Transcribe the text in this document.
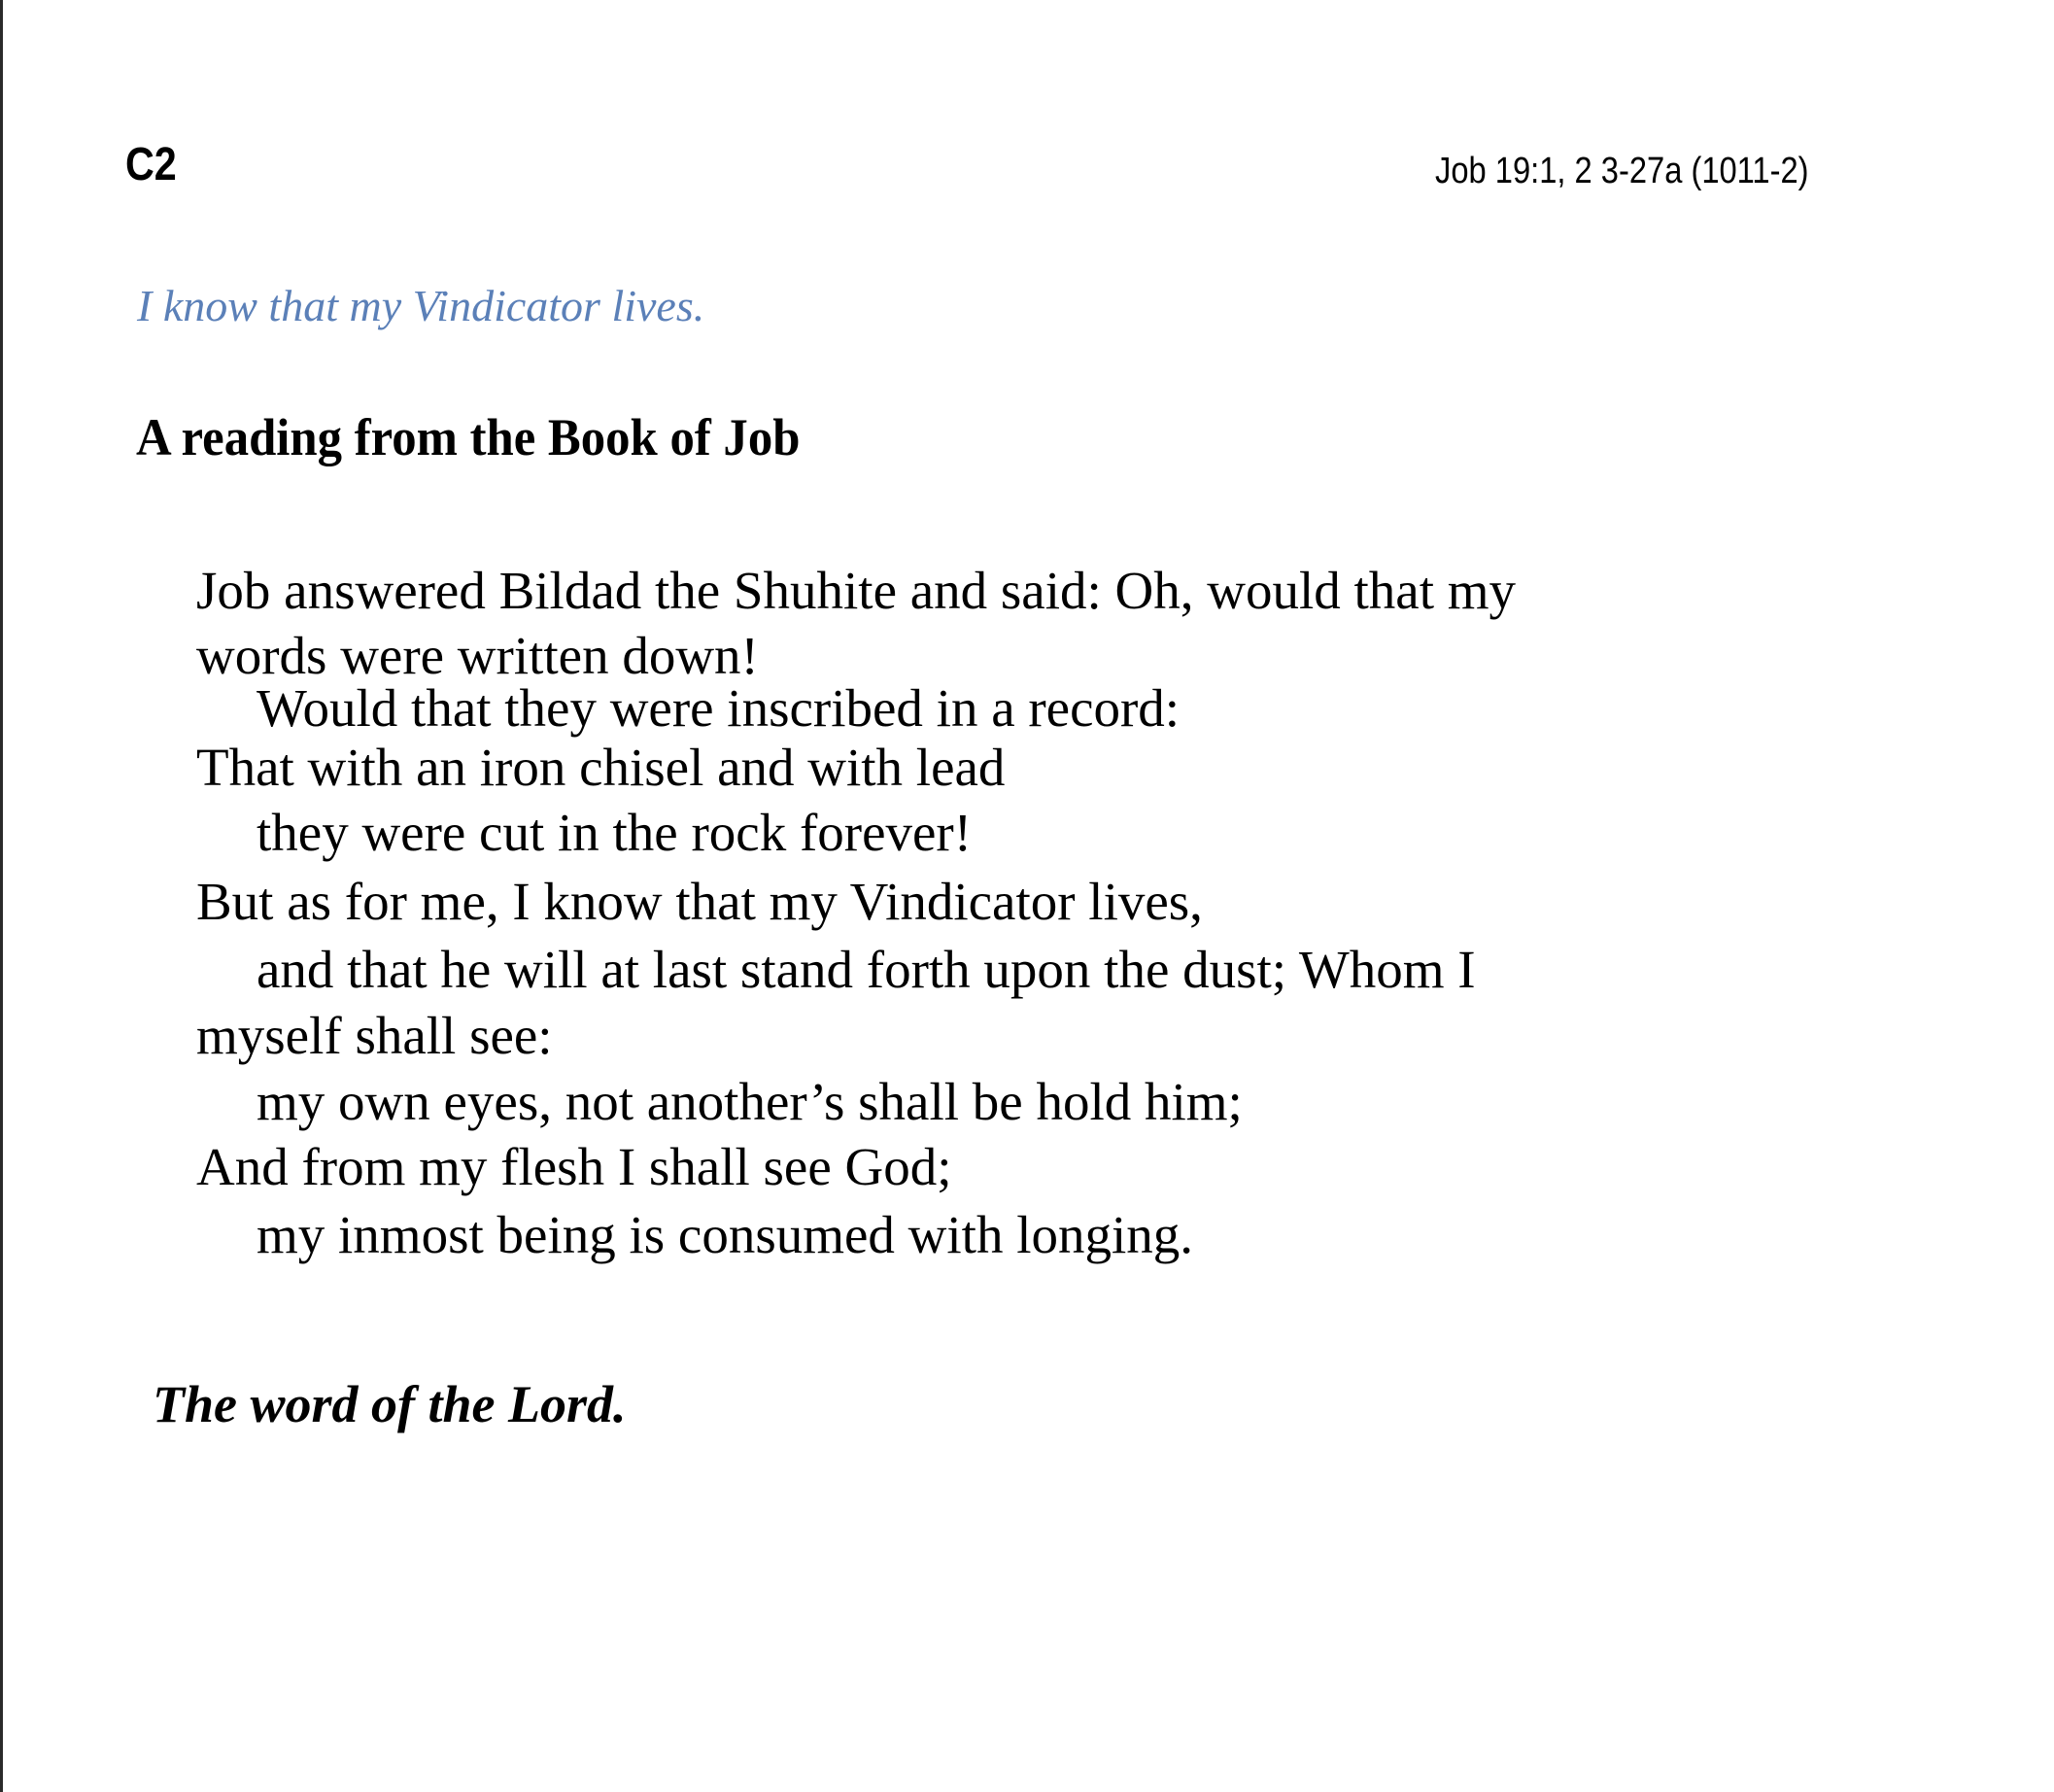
C2	Job 19:1, 2 3-27a (1011-2)
I know that my Vindicator lives.
A reading from the Book of Job
Job answered Bildad the Shuhite and said: Oh, would that my
words were written down!
Would that they were inscribed in a record:
That with an iron chisel and with lead
they were cut in the rock forever!
But as for me, I know that my Vindicator lives,
and that he will at last stand forth upon the dust; Whom I
myself shall see:
my own eyes, not another’s shall be hold him;
And from my flesh I shall see God;
my inmost being is consumed with longing.
The word of the Lord.
